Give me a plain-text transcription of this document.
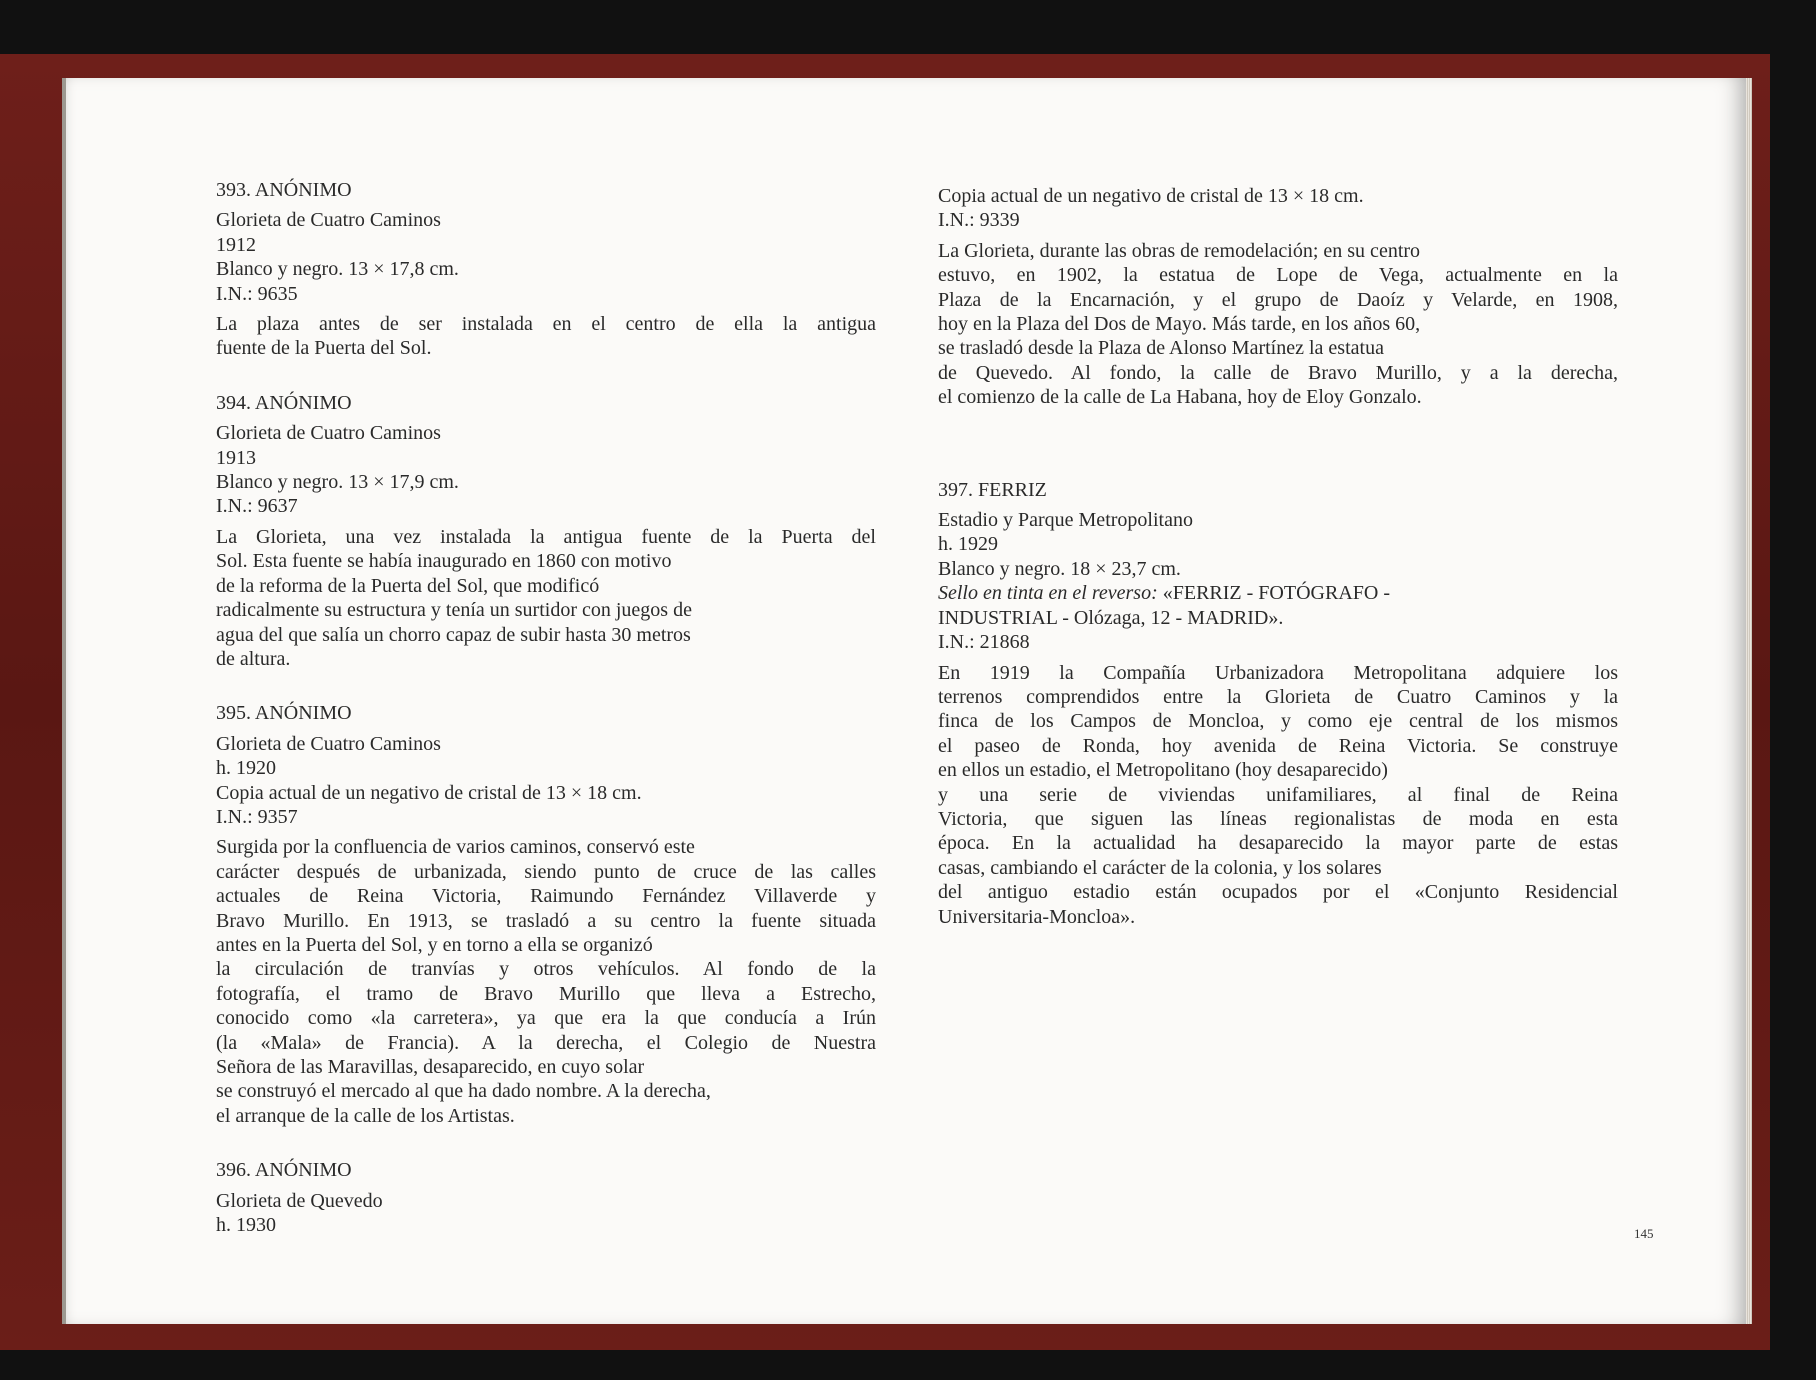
393. ANÓNIMO
Glorieta de Cuatro Caminos
1912
Blanco y negro. 13 × 17,8 cm.
I.N.: 9635
La plaza antes de ser instalada en el centro de ella la antigua
fuente de la Puerta del Sol.
394. ANÓNIMO
Glorieta de Cuatro Caminos
1913
Blanco y negro. 13 × 17,9 cm.
I.N.: 9637
La Glorieta, una vez instalada la antigua fuente de la Puerta del
Sol. Esta fuente se había inaugurado en 1860 con motivo
de la reforma de la Puerta del Sol, que modificó
radicalmente su estructura y tenía un surtidor con juegos de
agua del que salía un chorro capaz de subir hasta 30 metros
de altura.
395. ANÓNIMO
Glorieta de Cuatro Caminos
h. 1920
Copia actual de un negativo de cristal de 13 × 18 cm.
I.N.: 9357
Surgida por la confluencia de varios caminos, conservó este
carácter después de urbanizada, siendo punto de cruce de las calles
actuales de Reina Victoria, Raimundo Fernández Villaverde y
Bravo Murillo. En 1913, se trasladó a su centro la fuente situada
antes en la Puerta del Sol, y en torno a ella se organizó
la circulación de tranvías y otros vehículos. Al fondo de la
fotografía, el tramo de Bravo Murillo que lleva a Estrecho,
conocido como «la carretera», ya que era la que conducía a Irún
(la «Mala» de Francia). A la derecha, el Colegio de Nuestra
Señora de las Maravillas, desaparecido, en cuyo solar
se construyó el mercado al que ha dado nombre. A la derecha,
el arranque de la calle de los Artistas.
396. ANÓNIMO
Glorieta de Quevedo
h. 1930
Copia actual de un negativo de cristal de 13 × 18 cm.
I.N.: 9339
La Glorieta, durante las obras de remodelación; en su centro
estuvo, en 1902, la estatua de Lope de Vega, actualmente en la
Plaza de la Encarnación, y el grupo de Daoíz y Velarde, en 1908,
hoy en la Plaza del Dos de Mayo. Más tarde, en los años 60,
se trasladó desde la Plaza de Alonso Martínez la estatua
de Quevedo. Al fondo, la calle de Bravo Murillo, y a la derecha,
el comienzo de la calle de La Habana, hoy de Eloy Gonzalo.
397. FERRIZ
Estadio y Parque Metropolitano
h. 1929
Blanco y negro. 18 × 23,7 cm.
Sello en tinta en el reverso: «FERRIZ - FOTÓGRAFO -
INDUSTRIAL - Olózaga, 12 - MADRID».
I.N.: 21868
En 1919 la Compañía Urbanizadora Metropolitana adquiere los
terrenos comprendidos entre la Glorieta de Cuatro Caminos y la
finca de los Campos de Moncloa, y como eje central de los mismos
el paseo de Ronda, hoy avenida de Reina Victoria. Se construye
en ellos un estadio, el Metropolitano (hoy desaparecido)
y una serie de viviendas unifamiliares, al final de Reina
Victoria, que siguen las líneas regionalistas de moda en esta
época. En la actualidad ha desaparecido la mayor parte de estas
casas, cambiando el carácter de la colonia, y los solares
del antiguo estadio están ocupados por el «Conjunto Residencial
Universitaria-Moncloa».
145
